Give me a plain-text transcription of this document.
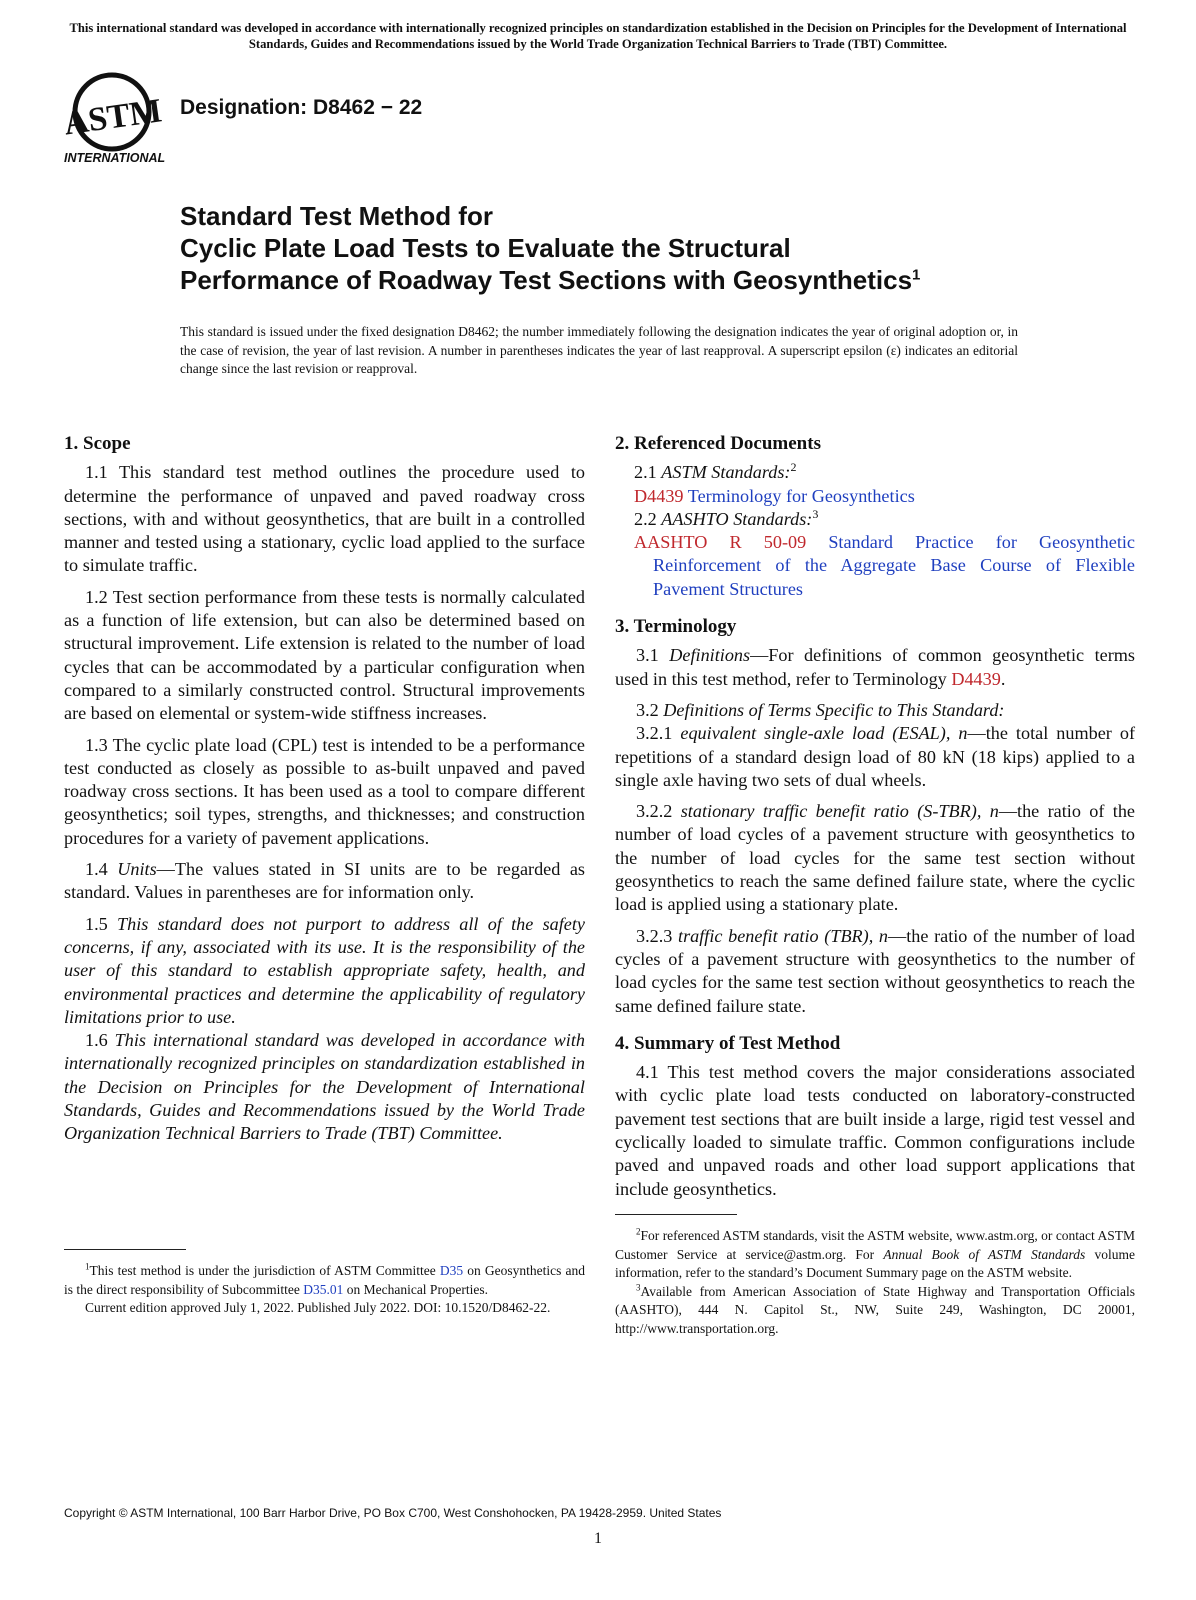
This international standard was developed in accordance with internationally recognized principles on standardization established in the Decision on Principles for the Development of International Standards, Guides and Recommendations issued by the World Trade Organization Technical Barriers to Trade (TBT) Committee.
ASTM
INTERNATIONAL
Designation: D8462 − 22
Standard Test Method for
Cyclic Plate Load Tests to Evaluate the Structural
Performance of Roadway Test Sections with Geosynthetics$^1$
This standard is issued under the fixed designation D8462; the number immediately following the designation indicates the year of original adoption or, in the case of revision, the year of last revision. A number in parentheses indicates the year of last reapproval. A superscript epsilon (ε) indicates an editorial change since the last revision or reapproval.

1. Scope

1.1 This standard test method outlines the procedure used to determine the performance of unpaved and paved roadway cross sections, with and without geosynthetics, that are built in a controlled manner and tested using a stationary, cyclic load applied to the surface to simulate traffic.

1.2 Test section performance from these tests is normally calculated as a function of life extension, but can also be determined based on structural improvement. Life extension is related to the number of load cycles that can be accommodated by a particular configuration when compared to a similarly constructed control. Structural improvements are based on elemental or system-wide stiffness increases.

1.3 The cyclic plate load (CPL) test is intended to be a performance test conducted as closely as possible to as-built unpaved and paved roadway cross sections. It has been used as a tool to compare different geosynthetics; soil types, strengths, and thicknesses; and construction procedures for a variety of pavement applications.

1.4 Units—The values stated in SI units are to be regarded as standard. Values in parentheses are for information only.

1.5 This standard does not purport to address all of the safety concerns, if any, associated with its use. It is the responsibility of the user of this standard to establish appropriate safety, health, and environmental practices and determine the applicability of regulatory limitations prior to use.

1.6 This international standard was developed in accordance with internationally recognized principles on standardization established in the Decision on Principles for the Development of International Standards, Guides and Recommendations issued by the World Trade Organization Technical Barriers to Trade (TBT) Committee.

2. Referenced Documents

2.1 ASTM Standards:$^2$

D4439 Terminology for Geosynthetics

2.2 AASHTO Standards:$^3$

AASHTO R 50-09 Standard Practice for Geosynthetic Reinforcement of the Aggregate Base Course of Flexible Pavement Structures

3. Terminology

3.1 Definitions—For definitions of common geosynthetic terms used in this test method, refer to Terminology D4439.

3.2 Definitions of Terms Specific to This Standard:

3.2.1 equivalent single-axle load (ESAL), n—the total number of repetitions of a standard design load of 80 kN (18 kips) applied to a single axle having two sets of dual wheels.

3.2.2 stationary traffic benefit ratio (S-TBR), n—the ratio of the number of load cycles of a pavement structure with geosynthetics to the number of load cycles for the same test section without geosynthetics to reach the same defined failure state, where the cyclic load is applied using a stationary plate.

3.2.3 traffic benefit ratio (TBR), n—the ratio of the number of load cycles of a pavement structure with geosynthetics to the number of load cycles for the same test section without geosynthetics to reach the same defined failure state.

4. Summary of Test Method

4.1 This test method covers the major considerations associated with cyclic plate load tests conducted on laboratory-constructed pavement test sections that are built inside a large, rigid test vessel and cyclically loaded to simulate traffic. Common configurations include paved and unpaved roads and other load support applications that include geosynthetics.

$^1$This test method is under the jurisdiction of ASTM Committee D35 on Geosynthetics and is the direct responsibility of Subcommittee D35.01 on Mechanical Properties.

Current edition approved July 1, 2022. Published July 2022. DOI: 10.1520/D8462-22.

$^2$For referenced ASTM standards, visit the ASTM website, www.astm.org, or contact ASTM Customer Service at service@astm.org. For Annual Book of ASTM Standards volume information, refer to the standard’s Document Summary page on the ASTM website.

$^3$Available from American Association of State Highway and Transportation Officials (AASHTO), 444 N. Capitol St., NW, Suite 249, Washington, DC 20001, http://www.transportation.org.

Copyright © ASTM International, 100 Barr Harbor Drive, PO Box C700, West Conshohocken, PA 19428-2959. United States
1
